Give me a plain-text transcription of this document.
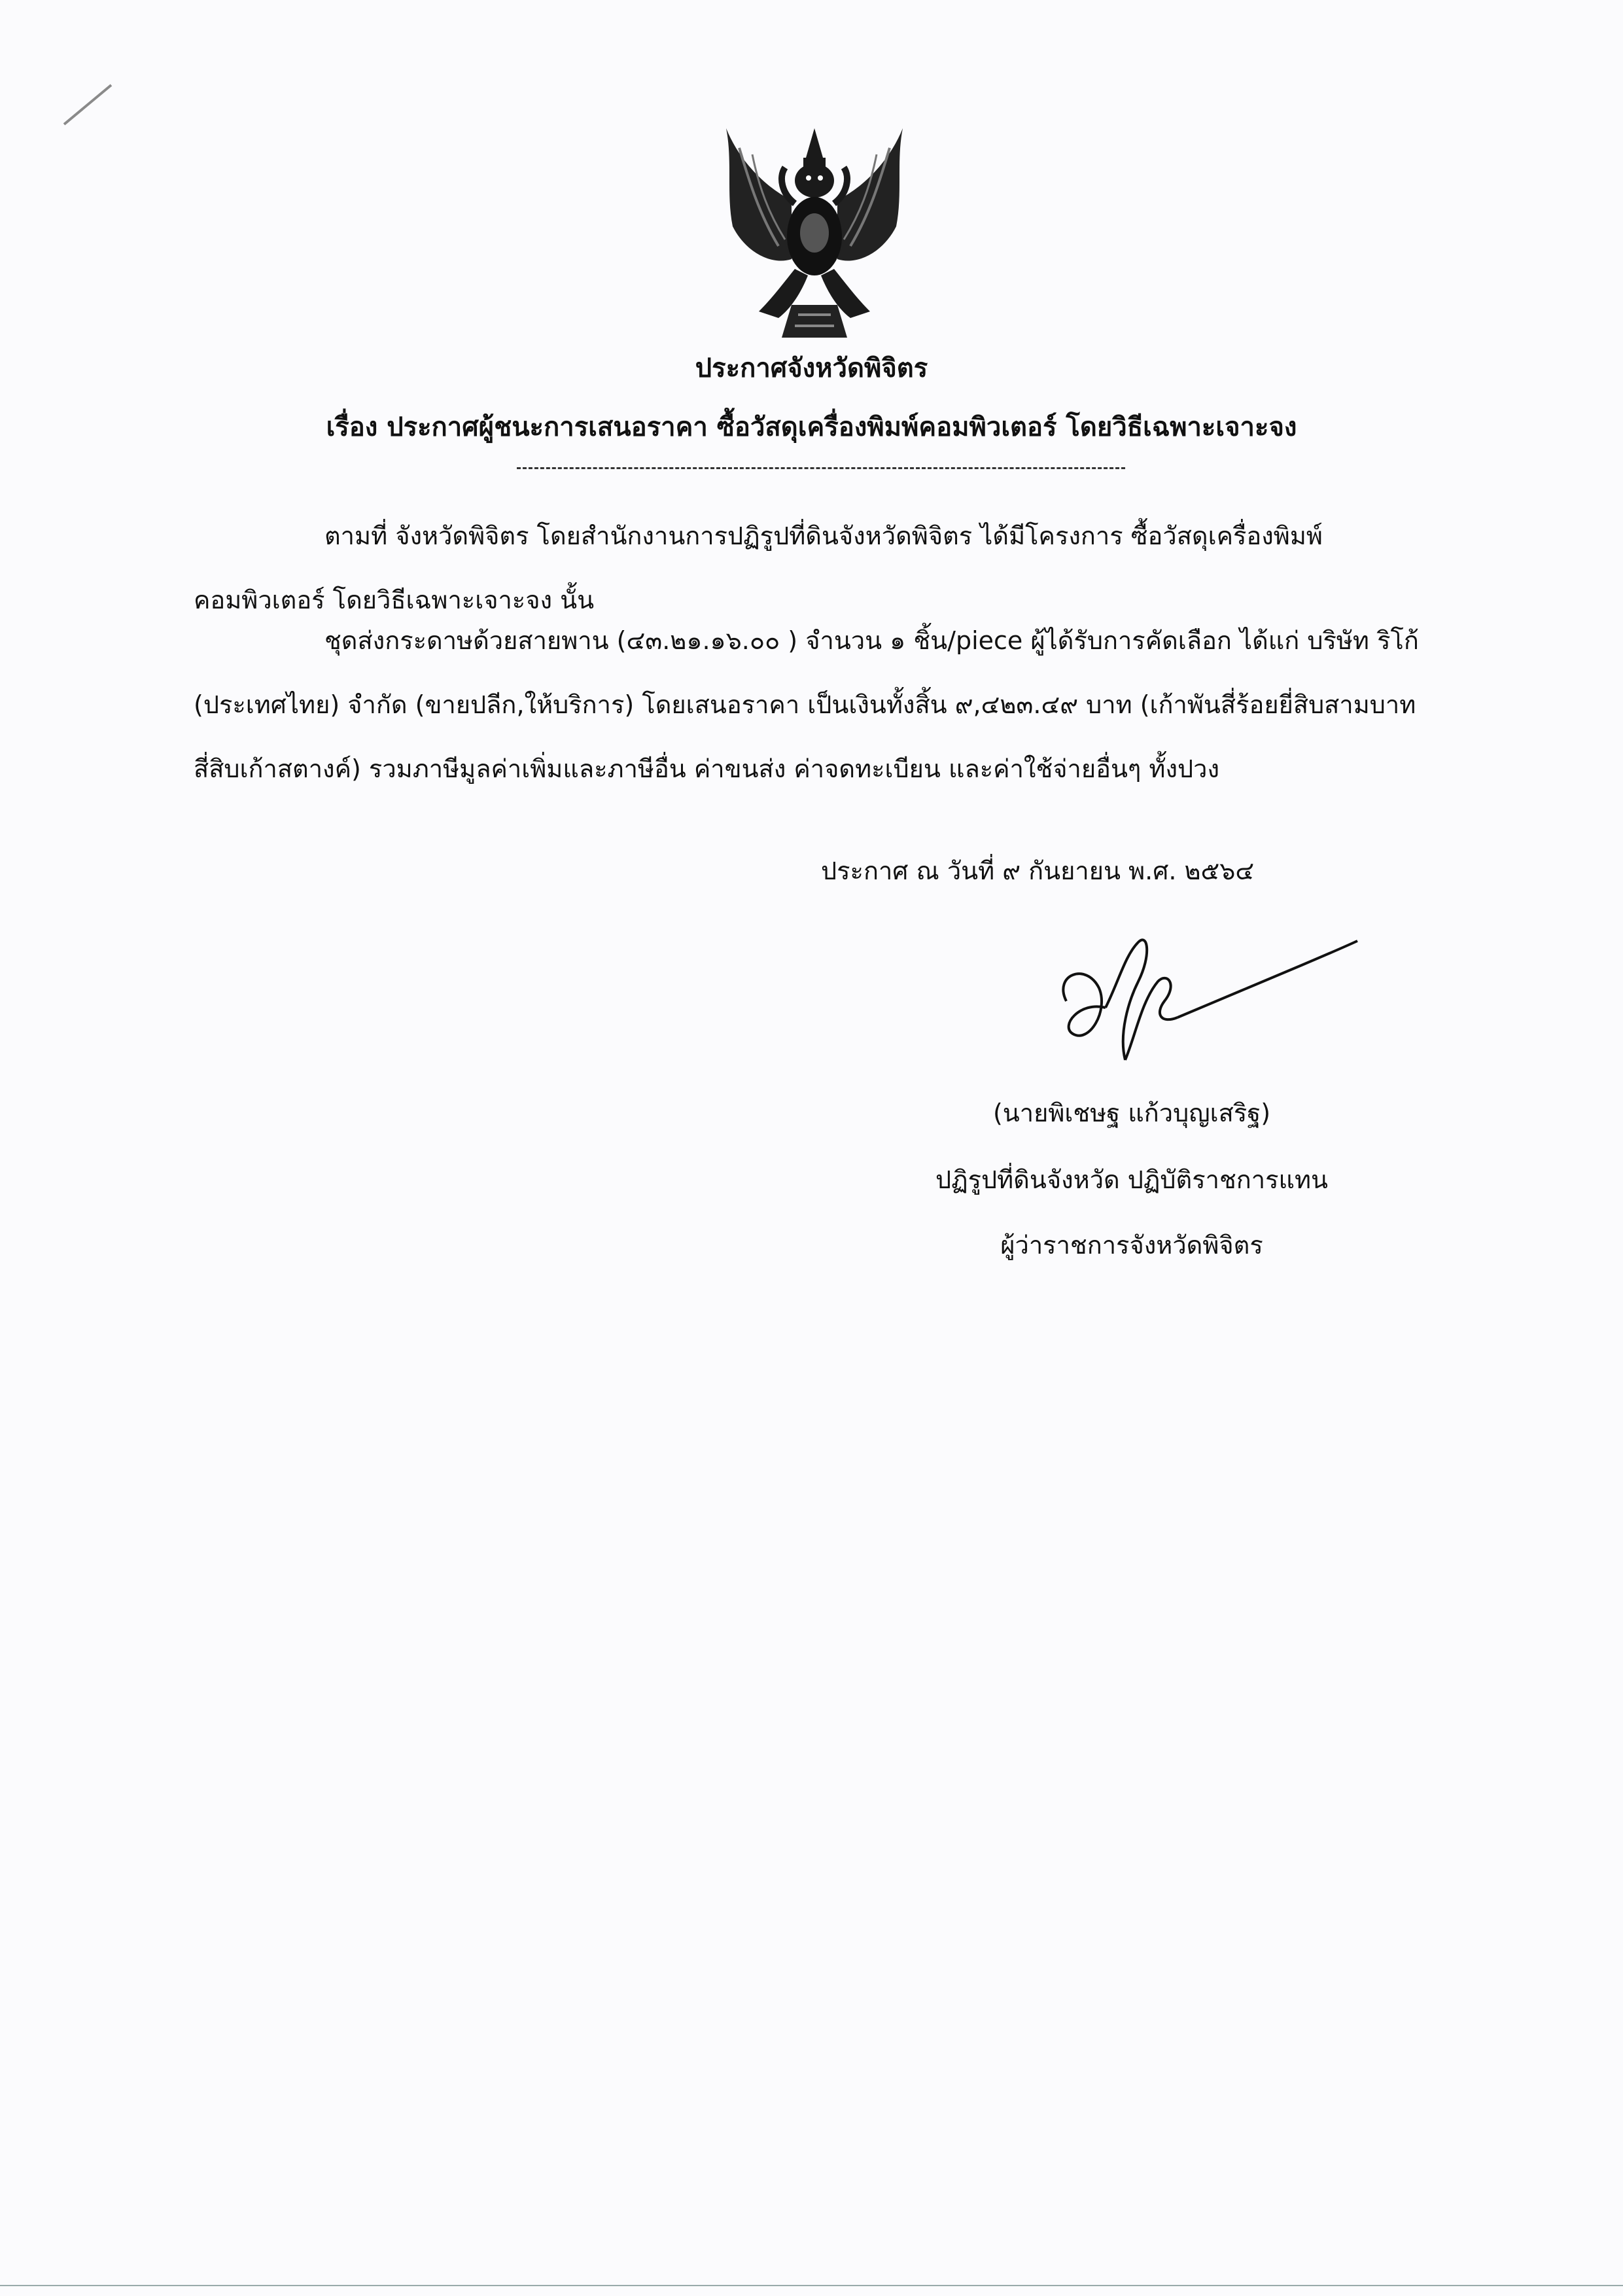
ประกาศจังหวัดพิจิตร
เรื่อง ประกาศผู้ชนะการเสนอราคา ซื้อวัสดุเครื่องพิมพ์คอมพิวเตอร์ โดยวิธีเฉพาะเจาะจง
ตามที่ จังหวัดพิจิตร โดยสำนักงานการปฏิรูปที่ดินจังหวัดพิจิตร ได้มีโครงการ ซื้อวัสดุเครื่องพิมพ์คอมพิวเตอร์ โดยวิธีเฉพาะเจาะจง นั้น
ชุดส่งกระดาษด้วยสายพาน (๔๓.๒๑.๑๖.๐๐ ) จำนวน ๑ ชิ้น/piece ผู้ได้รับการคัดเลือก ได้แก่ บริษัท ริโก้ (ประเทศไทย) จำกัด (ขายปลีก,ให้บริการ) โดยเสนอราคา เป็นเงินทั้งสิ้น ๙,๔๒๓.๔๙ บาท (เก้าพันสี่ร้อยยี่สิบสามบาทสี่สิบเก้าสตางค์) รวมภาษีมูลค่าเพิ่มและภาษีอื่น ค่าขนส่ง ค่าจดทะเบียน และค่าใช้จ่ายอื่นๆ ทั้งปวง
ประกาศ ณ วันที่ ๙ กันยายน พ.ศ. ๒๕๖๔
(นายพิเชษฐ แก้วบุญเสริฐ)
ปฏิรูปที่ดินจังหวัด ปฏิบัติราชการแทน
ผู้ว่าราชการจังหวัดพิจิตร
